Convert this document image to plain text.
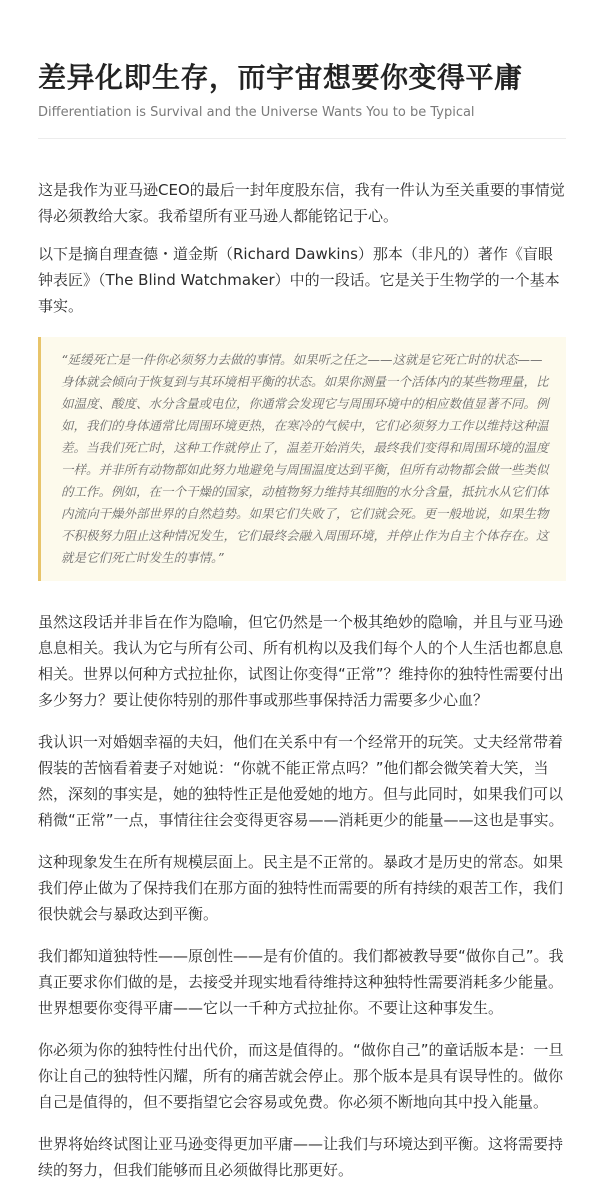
差异化即生存，而宇宙想要你变得平庸
Differentiation is Survival and the Universe Wants You to be Typical

这是我作为亚马逊CEO的最后一封年度股东信，我有一件认为至关重要的事情觉得必须教给大家。我希望所有亚马逊人都能铭记于心。

以下是摘自理查德・道金斯（Richard Dawkins）那本（非凡的）著作《盲眼钟表匠》（The Blind Watchmaker）中的一段话。它是关于生物学的一个基本事实。

“延缓死亡是一件你必须努力去做的事情。如果听之任之——这就是它死亡时的状态——身体就会倾向于恢复到与其环境相平衡的状态。如果你测量一个活体内的某些物理量，比如温度、酸度、水分含量或电位，你通常会发现它与周围环境中的相应数值显著不同。例如，我们的身体通常比周围环境更热，在寒冷的气候中，它们必须努力工作以维持这种温差。当我们死亡时，这种工作就停止了，温差开始消失，最终我们变得和周围环境的温度一样。并非所有动物都如此努力地避免与周围温度达到平衡，但所有动物都会做一些类似的工作。例如，在一个干燥的国家，动植物努力维持其细胞的水分含量，抵抗水从它们体内流向干燥外部世界的自然趋势。如果它们失败了，它们就会死。更一般地说，如果生物不积极努力阻止这种情况发生，它们最终会融入周围环境，并停止作为自主个体存在。这就是它们死亡时发生的事情。”

虽然这段话并非旨在作为隐喻，但它仍然是一个极其绝妙的隐喻，并且与亚马逊息息相关。我认为它与所有公司、所有机构以及我们每个人的个人生活也都息息相关。世界以何种方式拉扯你，试图让你变得“正常”？维持你的独特性需要付出多少努力？要让使你特别的那件事或那些事保持活力需要多少心血？

我认识一对婚姻幸福的夫妇，他们在关系中有一个经常开的玩笑。丈夫经常带着假装的苦恼看着妻子对她说：“你就不能正常点吗？”他们都会微笑着大笑，当然，深刻的事实是，她的独特性正是他爱她的地方。但与此同时，如果我们可以稍微“正常”一点，事情往往会变得更容易——消耗更少的能量——这也是事实。

这种现象发生在所有规模层面上。民主是不正常的。暴政才是历史的常态。如果我们停止做为了保持我们在那方面的独特性而需要的所有持续的艰苦工作，我们很快就会与暴政达到平衡。

我们都知道独特性——原创性——是有价值的。我们都被教导要“做你自己”。我真正要求你们做的是，去接受并现实地看待维持这种独特性需要消耗多少能量。世界想要你变得平庸——它以一千种方式拉扯你。不要让这种事发生。

你必须为你的独特性付出代价，而这是值得的。“做你自己”的童话版本是：一旦你让自己的独特性闪耀，所有的痛苦就会停止。那个版本是具有误导性的。做你自己是值得的，但不要指望它会容易或免费。你必须不断地向其中投入能量。

世界将始终试图让亚马逊变得更加平庸——让我们与环境达到平衡。这将需要持续的努力，但我们能够而且必须做得比那更好。
